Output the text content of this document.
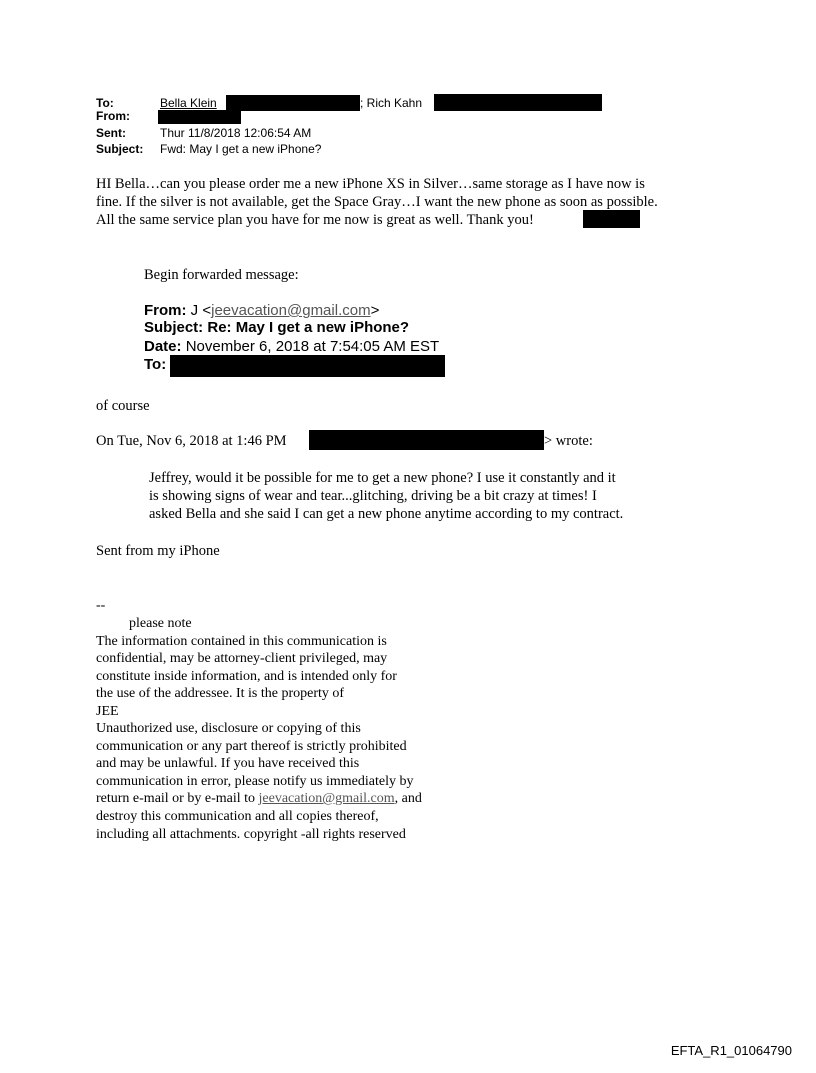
To:	Bella Klein	; Rich Kahn
From:
Sent:	Thur 11/8/2018 12:06:54 AM
Subject: Fwd: May I get a new iPhone?
HI Bella…can you please order me a new iPhone XS in Silver…same storage as I have now is
fine. If the silver is not available, get the Space Gray…I want the new phone as soon as possible.
All the same service plan you have for me now is great as well. Thank you!
Begin forwarded message:
From: J <jeevacation@gmail.com>
Subject: Re: May I get a new iPhone?
Date: November 6, 2018 at 7:54:05 AM EST
To:
of course
On Tue, Nov 6, 2018 at 1:46 PM	> wrote:
Jeffrey, would it be possible for me to get a new phone? I use it constantly and it
is showing signs of wear and tear...glitching, driving be a bit crazy at times! I
asked Bella and she said I can get a new phone anytime according to my contract.
Sent from my iPhone
--
please note
The information contained in this communication is
confidential, may be attorney-client privileged, may
constitute inside information, and is intended only for
the use of the addressee. It is the property of
JEE
Unauthorized use, disclosure or copying of this
communication or any part thereof is strictly prohibited
and may be unlawful. If you have received this
communication in error, please notify us immediately by
return e-mail or by e-mail to jeevacation@gmail.com, and
destroy this communication and all copies thereof,
including all attachments. copyright -all rights reserved
EFTA_R1_01064790
